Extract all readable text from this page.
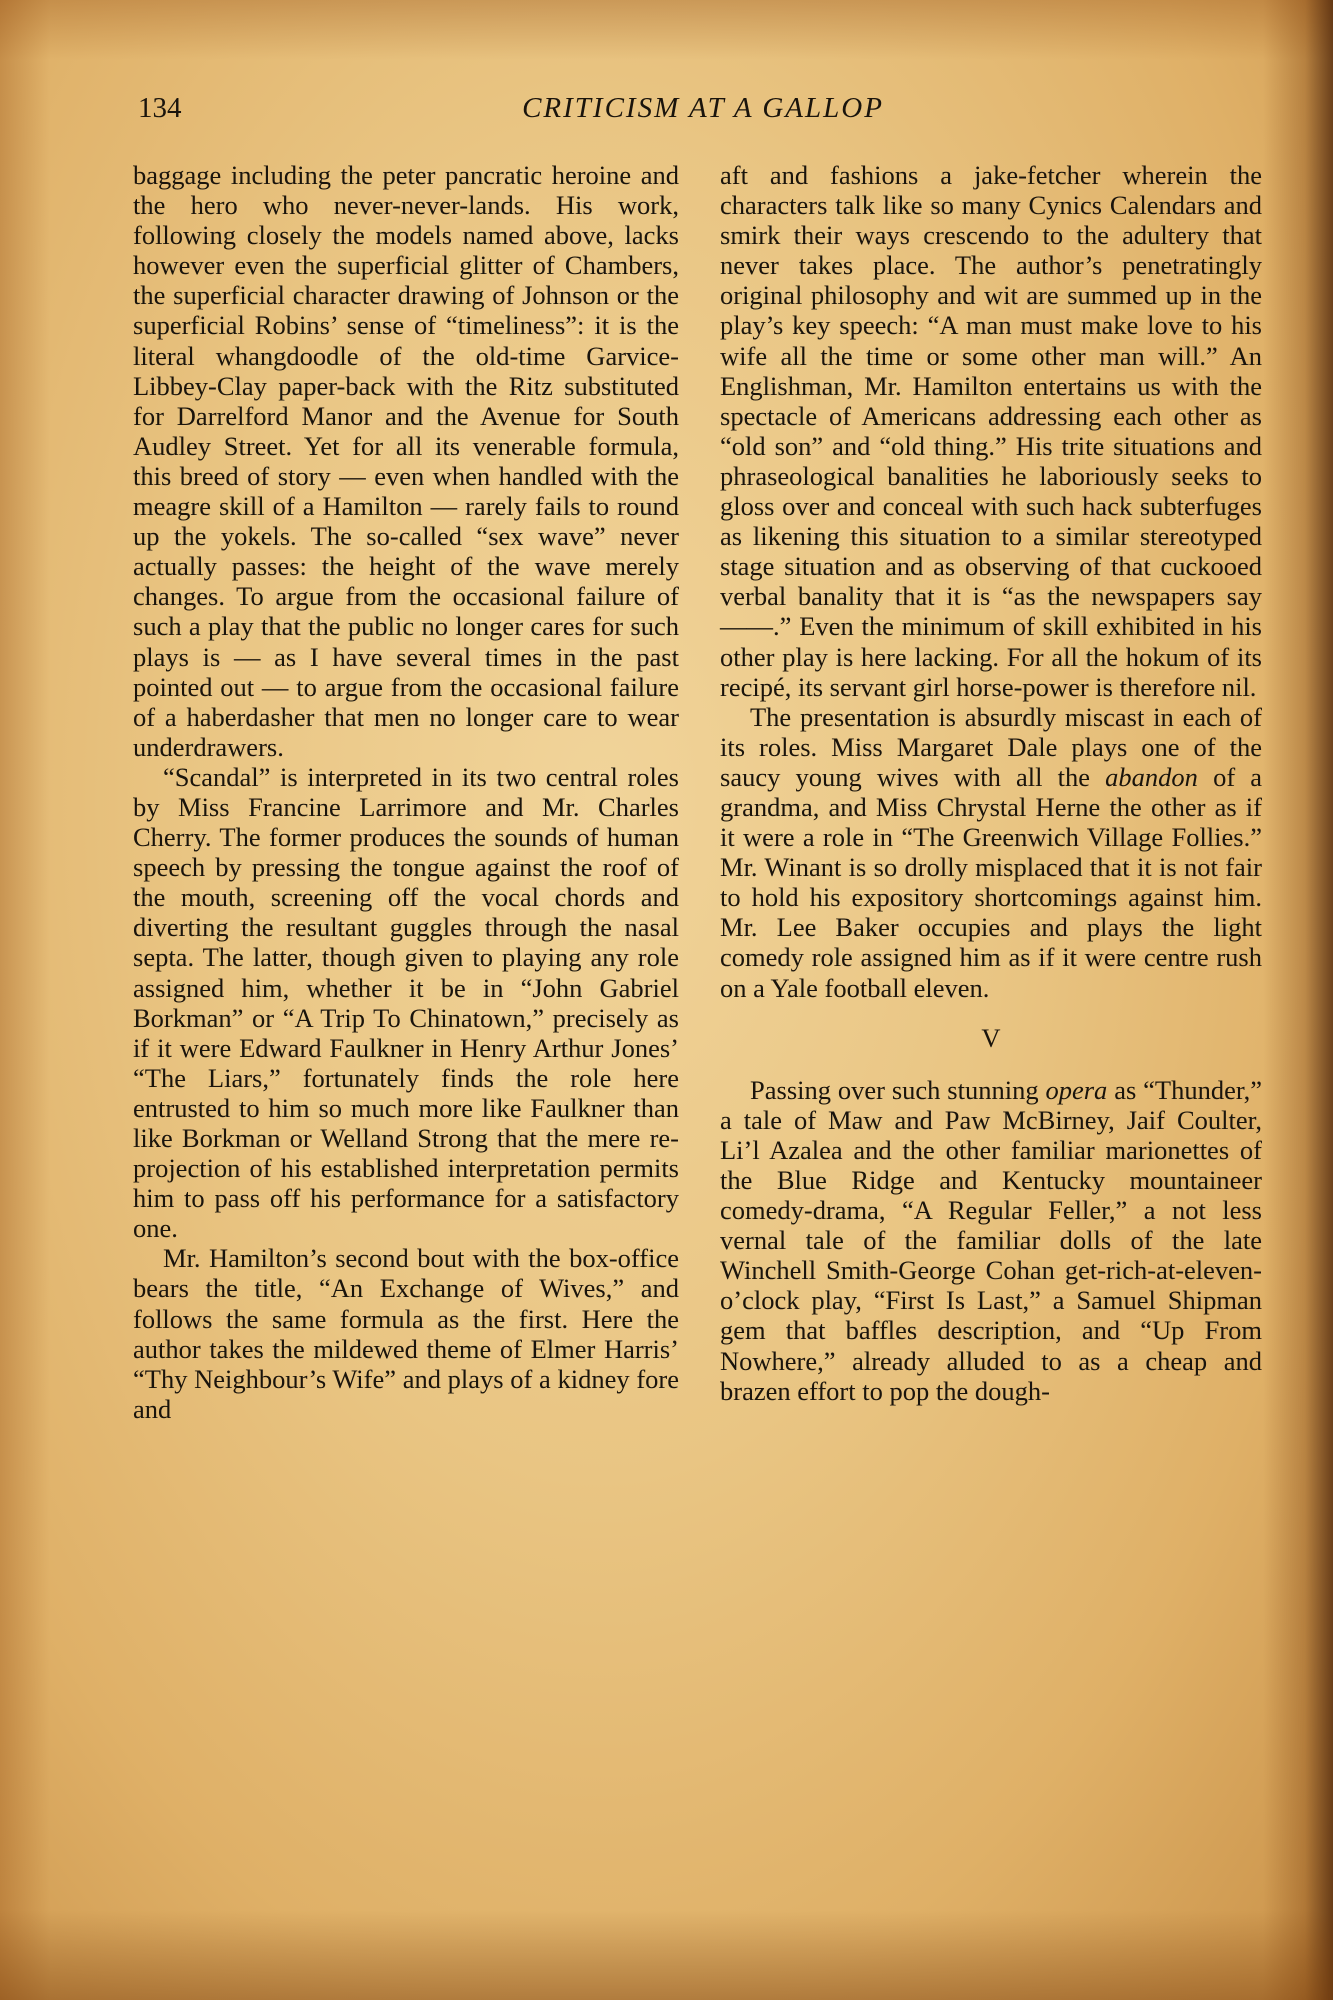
134	CRITICISM AT A GALLOP

baggage including the peter pancratic heroine and the hero who never-never-lands. His work, following closely the models named above, lacks however even the superficial glitter of Chambers, the superficial character drawing of Johnson or the superficial Robins’ sense of “timeliness”: it is the literal whangdoodle of the old-time Garvice-Libbey-Clay paper-back with the Ritz substituted for Darrelford Manor and the Avenue for South Audley Street. Yet for all its venerable formula, this breed of story — even when handled with the meagre skill of a Hamilton — rarely fails to round up the yokels. The so-called “sex wave” never actually passes: the height of the wave merely changes. To argue from the occasional failure of such a play that the public no longer cares for such plays is — as I have several times in the past pointed out — to argue from the occasional failure of a haberdasher that men no longer care to wear underdrawers.

“Scandal” is interpreted in its two central roles by Miss Francine Larrimore and Mr. Charles Cherry. The former produces the sounds of human speech by pressing the tongue against the roof of the mouth, screening off the vocal chords and diverting the resultant guggles through the nasal septa. The latter, though given to playing any role assigned him, whether it be in “John Gabriel Borkman” or “A Trip To Chinatown,” precisely as if it were Edward Faulkner in Henry Arthur Jones’ “The Liars,” fortunately finds the role here entrusted to him so much more like Faulkner than like Borkman or Welland Strong that the mere re-projection of his established interpretation permits him to pass off his performance for a satisfactory one.

Mr. Hamilton’s second bout with the box-office bears the title, “An Exchange of Wives,” and follows the same formula as the first. Here the author takes the mildewed theme of Elmer Harris’ “Thy Neighbour’s Wife” and plays of a kidney fore and

aft and fashions a jake-fetcher wherein the characters talk like so many Cynics Calendars and smirk their ways crescendo to the adultery that never takes place. The author’s penetratingly original philosophy and wit are summed up in the play’s key speech: “A man must make love to his wife all the time or some other man will.” An Englishman, Mr. Hamilton entertains us with the spectacle of Americans addressing each other as “old son” and “old thing.” His trite situations and phraseological banalities he laboriously seeks to gloss over and conceal with such hack subterfuges as likening this situation to a similar stereotyped stage situation and as observing of that cuckooed verbal banality that it is “as the newspapers say ——.” Even the minimum of skill exhibited in his other play is here lacking. For all the hokum of its recipé, its servant girl horse-power is therefore nil.

The presentation is absurdly miscast in each of its roles. Miss Margaret Dale plays one of the saucy young wives with all the abandon of a grandma, and Miss Chrystal Herne the other as if it were a role in “The Greenwich Village Follies.” Mr. Winant is so drolly misplaced that it is not fair to hold his expository shortcomings against him. Mr. Lee Baker occupies and plays the light comedy role assigned him as if it were centre rush on a Yale football eleven.

V

Passing over such stunning opera as “Thunder,” a tale of Maw and Paw McBirney, Jaif Coulter, Li’l Azalea and the other familiar marionettes of the Blue Ridge and Kentucky mountaineer comedy-drama, “A Regular Feller,” a not less vernal tale of the familiar dolls of the late Winchell Smith-George Cohan get-rich-at-eleven-o’clock play, “First Is Last,” a Samuel Shipman gem that baffles description, and “Up From Nowhere,” already alluded to as a cheap and brazen effort to pop the dough-
